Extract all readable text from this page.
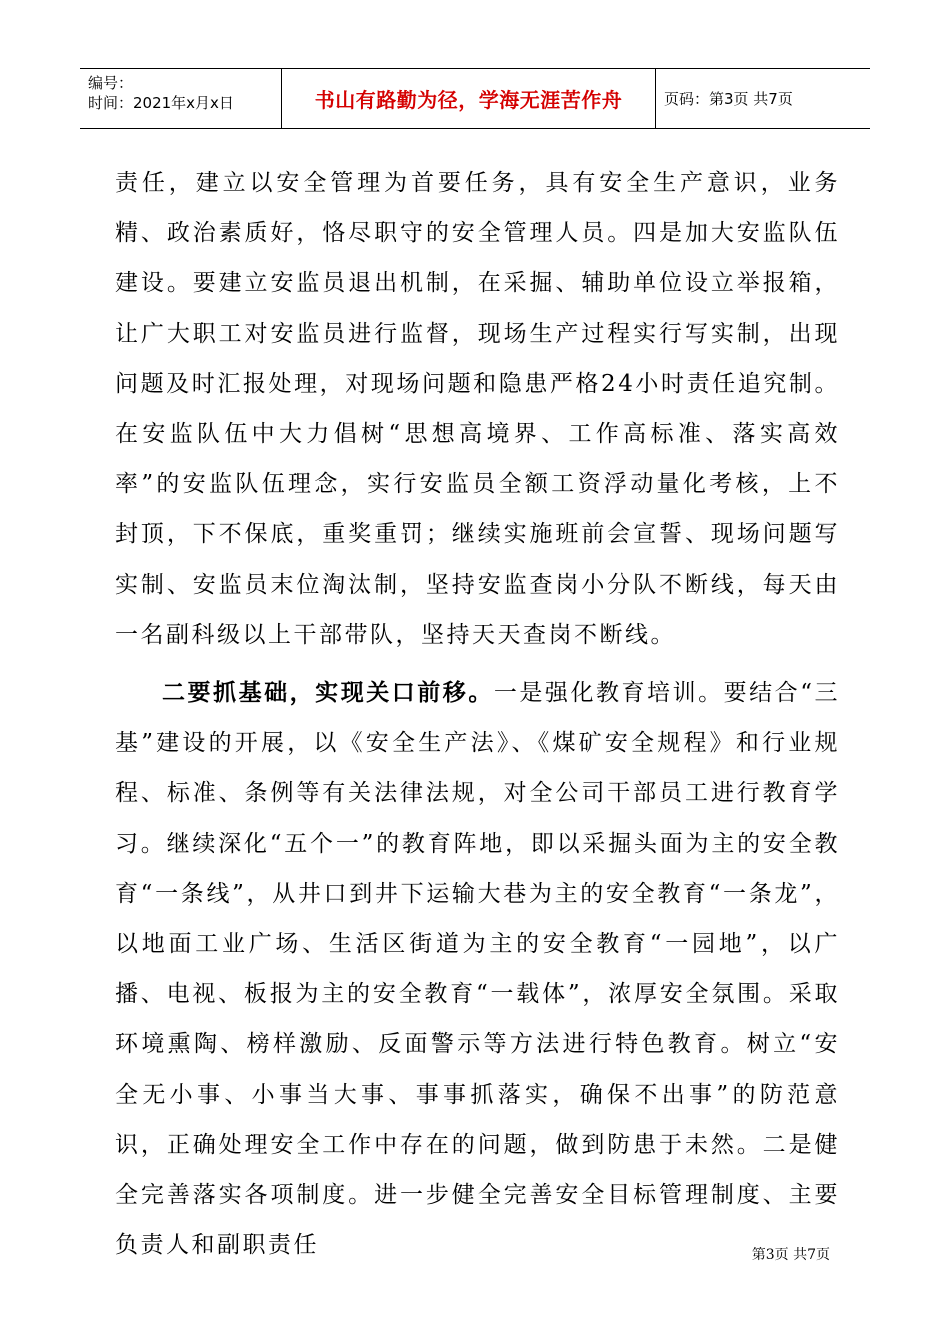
编号：
时间：2021年x月x日	书山有路勤为径，学海无涯苦作舟	页码：第3页 共7页

责任，建立以安全管理为首要任务，具有安全生产意识，业务精、政治素质好，恪尽职守的安全管理人员。四是加大安监队伍建设。要建立安监员退出机制，在采掘、辅助单位设立举报箱，让广大职工对安监员进行监督，现场生产过程实行写实制，出现问题及时汇报处理，对现场问题和隐患严格24小时责任追究制。在安监队伍中大力倡树“思想高境界、工作高标准、落实高效率”的安监队伍理念，实行安监员全额工资浮动量化考核，上不封顶，下不保底，重奖重罚；继续实施班前会宣誓、现场问题写实制、安监员末位淘汰制，坚持安监查岗小分队不断线，每天由一名副科级以上干部带队，坚持天天查岗不断线。

二要抓基础，实现关口前移。一是强化教育培训。要结合“三基”建设的开展，以《安全生产法》、《煤矿安全规程》和行业规程、标准、条例等有关法律法规，对全公司干部员工进行教育学习。继续深化“五个一”的教育阵地，即以采掘头面为主的安全教育“一条线”，从井口到井下运输大巷为主的安全教育“一条龙”，以地面工业广场、生活区街道为主的安全教育“一园地”，以广播、电视、板报为主的安全教育“一载体”，浓厚安全氛围。采取环境熏陶、榜样激励、反面警示等方法进行特色教育。树立“安全无小事、小事当大事、事事抓落实，确保不出事”的防范意识，正确处理安全工作中存在的问题，做到防患于未然。二是健全完善落实各项制度。进一步健全完善安全目标管理制度、主要负责人和副职责任	第3页 共7页
